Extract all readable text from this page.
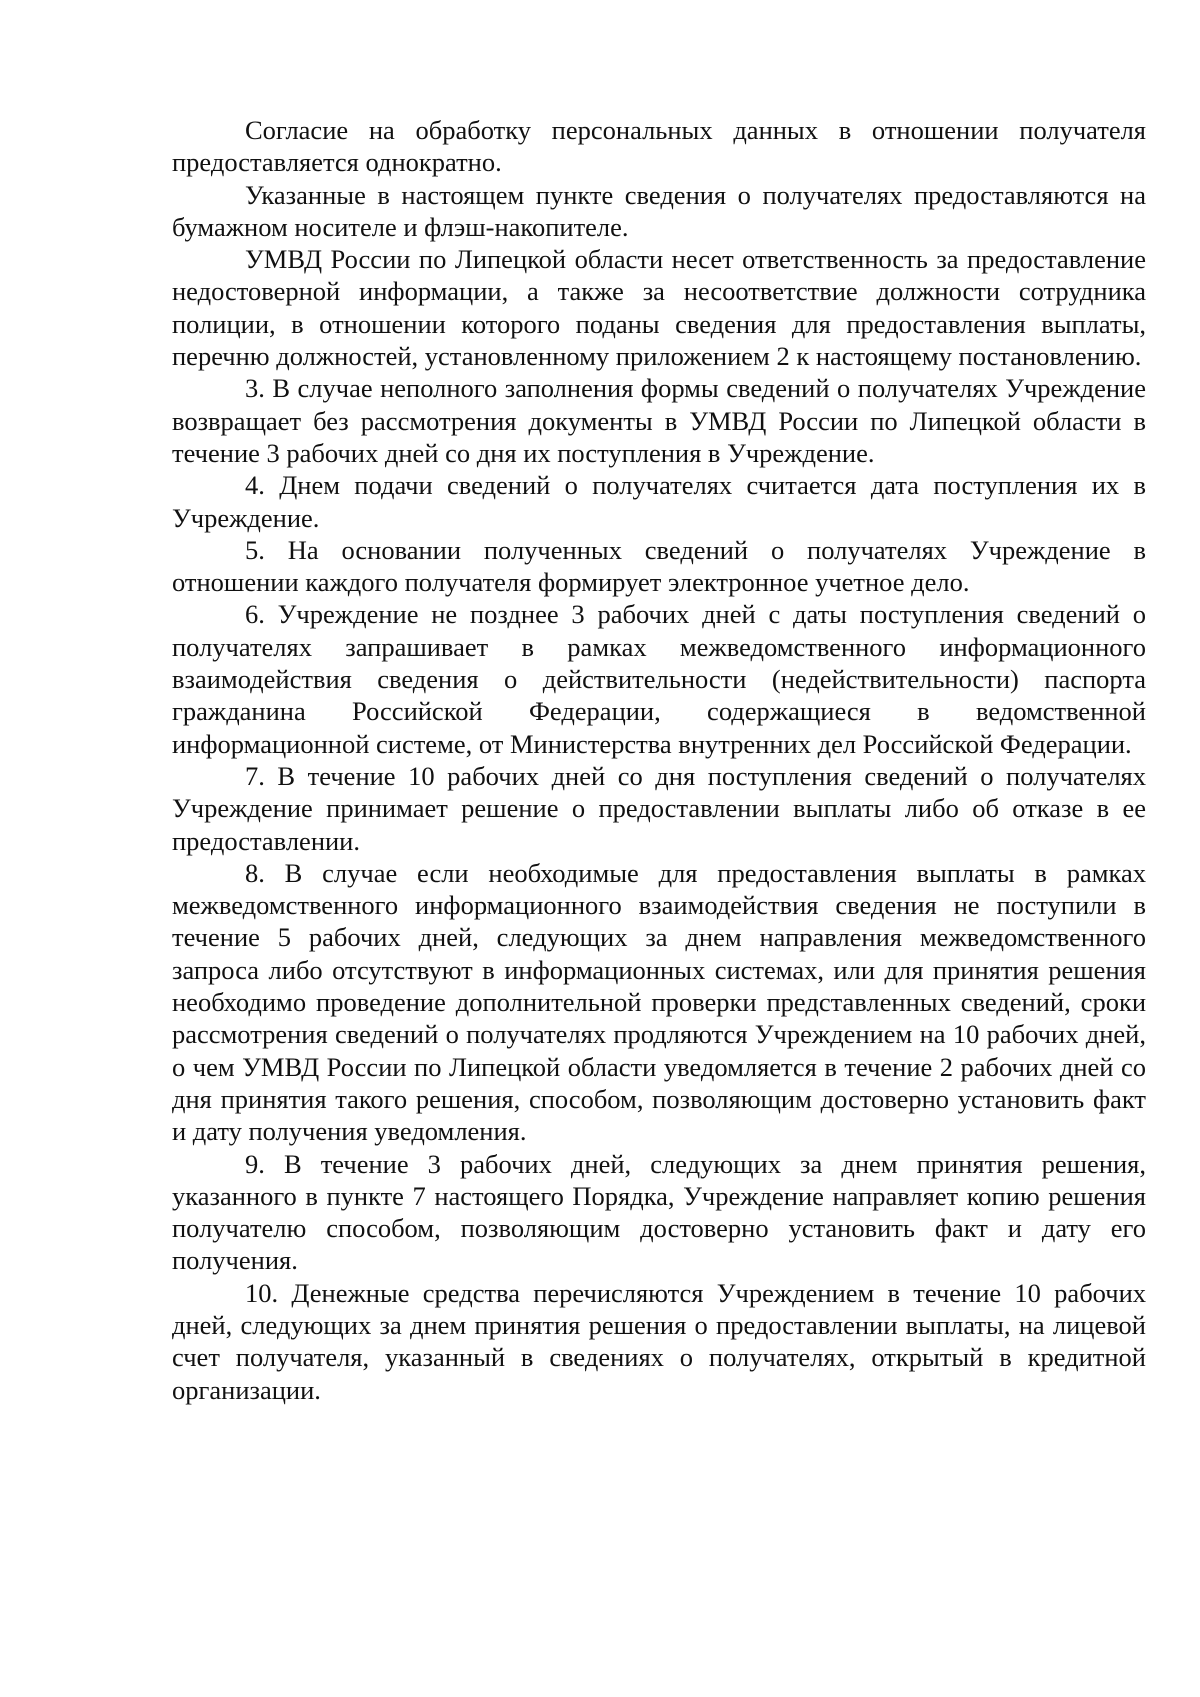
Согласие на обработку персональных данных в отношении получателя предоставляется однократно.

Указанные в настоящем пункте сведения о получателях предоставляются на бумажном носителе и флэш-накопителе.

УМВД России по Липецкой области несет ответственность за предоставление недостоверной информации, а также за несоответствие должности сотрудника полиции, в отношении которого поданы сведения для предоставления выплаты, перечню должностей, установленному приложением 2 к настоящему постановлению.

3. В случае неполного заполнения формы сведений о получателях Учреждение возвращает без рассмотрения документы в УМВД России по Липецкой области в течение 3 рабочих дней со дня их поступления в Учреждение.

4. Днем подачи сведений о получателях считается дата поступления их в Учреждение.

5. На основании полученных сведений о получателях Учреждение в отношении каждого получателя формирует электронное учетное дело.

6. Учреждение не позднее 3 рабочих дней с даты поступления сведений о получателях запрашивает в рамках межведомственного информационного взаимодействия сведения о действительности (недействительности) паспорта гражданина Российской Федерации, содержащиеся в ведомственной информационной системе, от Министерства внутренних дел Российской Федерации.

7. В течение 10 рабочих дней со дня поступления сведений о получателях Учреждение принимает решение о предоставлении выплаты либо об отказе в ее предоставлении.

8. В случае если необходимые для предоставления выплаты в рамках межведомственного информационного взаимодействия сведения не поступили в течение 5 рабочих дней, следующих за днем направления межведомственного запроса либо отсутствуют в информационных системах, или для принятия решения необходимо проведение дополнительной проверки представленных сведений, сроки рассмотрения сведений о получателях продляются Учреждением на 10 рабочих дней, о чем УМВД России по Липецкой области уведомляется в течение 2 рабочих дней со дня принятия такого решения, способом, позволяющим достоверно установить факт и дату получения уведомления.

9. В течение 3 рабочих дней, следующих за днем принятия решения, указанного в пункте 7 настоящего Порядка, Учреждение направляет копию решения получателю способом, позволяющим достоверно установить факт и дату его получения.

10. Денежные средства перечисляются Учреждением в течение 10 рабочих дней, следующих за днем принятия решения о предоставлении выплаты, на лицевой счет получателя, указанный в сведениях о получателях, открытый в кредитной организации.
